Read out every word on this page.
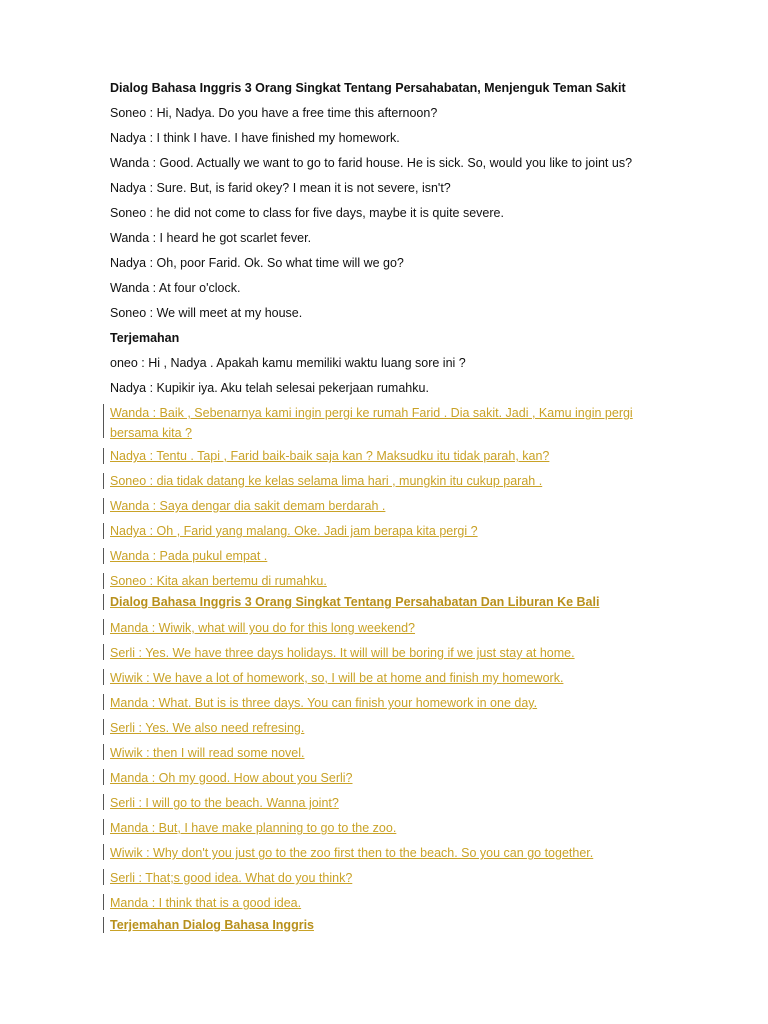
Dialog Bahasa Inggris 3 Orang Singkat Tentang Persahabatan, Menjenguk Teman Sakit
Soneo : Hi, Nadya. Do you have a free time this afternoon?
Nadya : I think I have. I have finished my homework.
Wanda : Good. Actually we want to go to farid house. He is sick. So, would you like to joint us?
Nadya : Sure. But, is farid okey? I mean it is not severe, isn't?
Soneo : he did not come to class for five days, maybe it is quite severe.
Wanda : I heard he got scarlet fever.
Nadya : Oh, poor Farid. Ok. So what time will we go?
Wanda : At four o'clock.
Soneo : We will meet at my house.
Terjemahan
oneo : Hi , Nadya . Apakah kamu memiliki waktu luang sore ini ?
Nadya : Kupikir iya. Aku telah selesai pekerjaan rumahku.
Wanda : Baik , Sebenarnya kami ingin pergi ke rumah Farid . Dia sakit. Jadi , Kamu ingin pergi bersama kita ?
Nadya : Tentu . Tapi , Farid baik-baik saja kan ? Maksudku itu tidak parah, kan?
Soneo : dia tidak datang ke kelas selama lima hari , mungkin itu cukup parah .
Wanda : Saya dengar dia sakit demam berdarah .
Nadya : Oh , Farid yang malang. Oke. Jadi jam berapa kita pergi ?
Wanda : Pada pukul empat .
Soneo : Kita akan bertemu di rumahku.
Dialog Bahasa Inggris 3 Orang Singkat Tentang Persahabatan Dan Liburan Ke Bali
Manda : Wiwik, what will you do for this long weekend?
Serli : Yes. We have three days holidays. It will will be boring if we just stay at home.
Wiwik : We have a lot of homework, so, I will be at home and finish my homework.
Manda : What. But is is three days. You can finish your homework in one day.
Serli : Yes. We also need refresing.
Wiwik : then I will read some novel.
Manda : Oh my good. How about you Serli?
Serli : I will go to the beach. Wanna joint?
Manda : But, I have make planning to go to the zoo.
Wiwik : Why don't you just go to the zoo first then to the beach. So you can go together.
Serli : That;s good idea. What do you think?
Manda : I think that is a good idea.
Terjemahan Dialog Bahasa Inggris
